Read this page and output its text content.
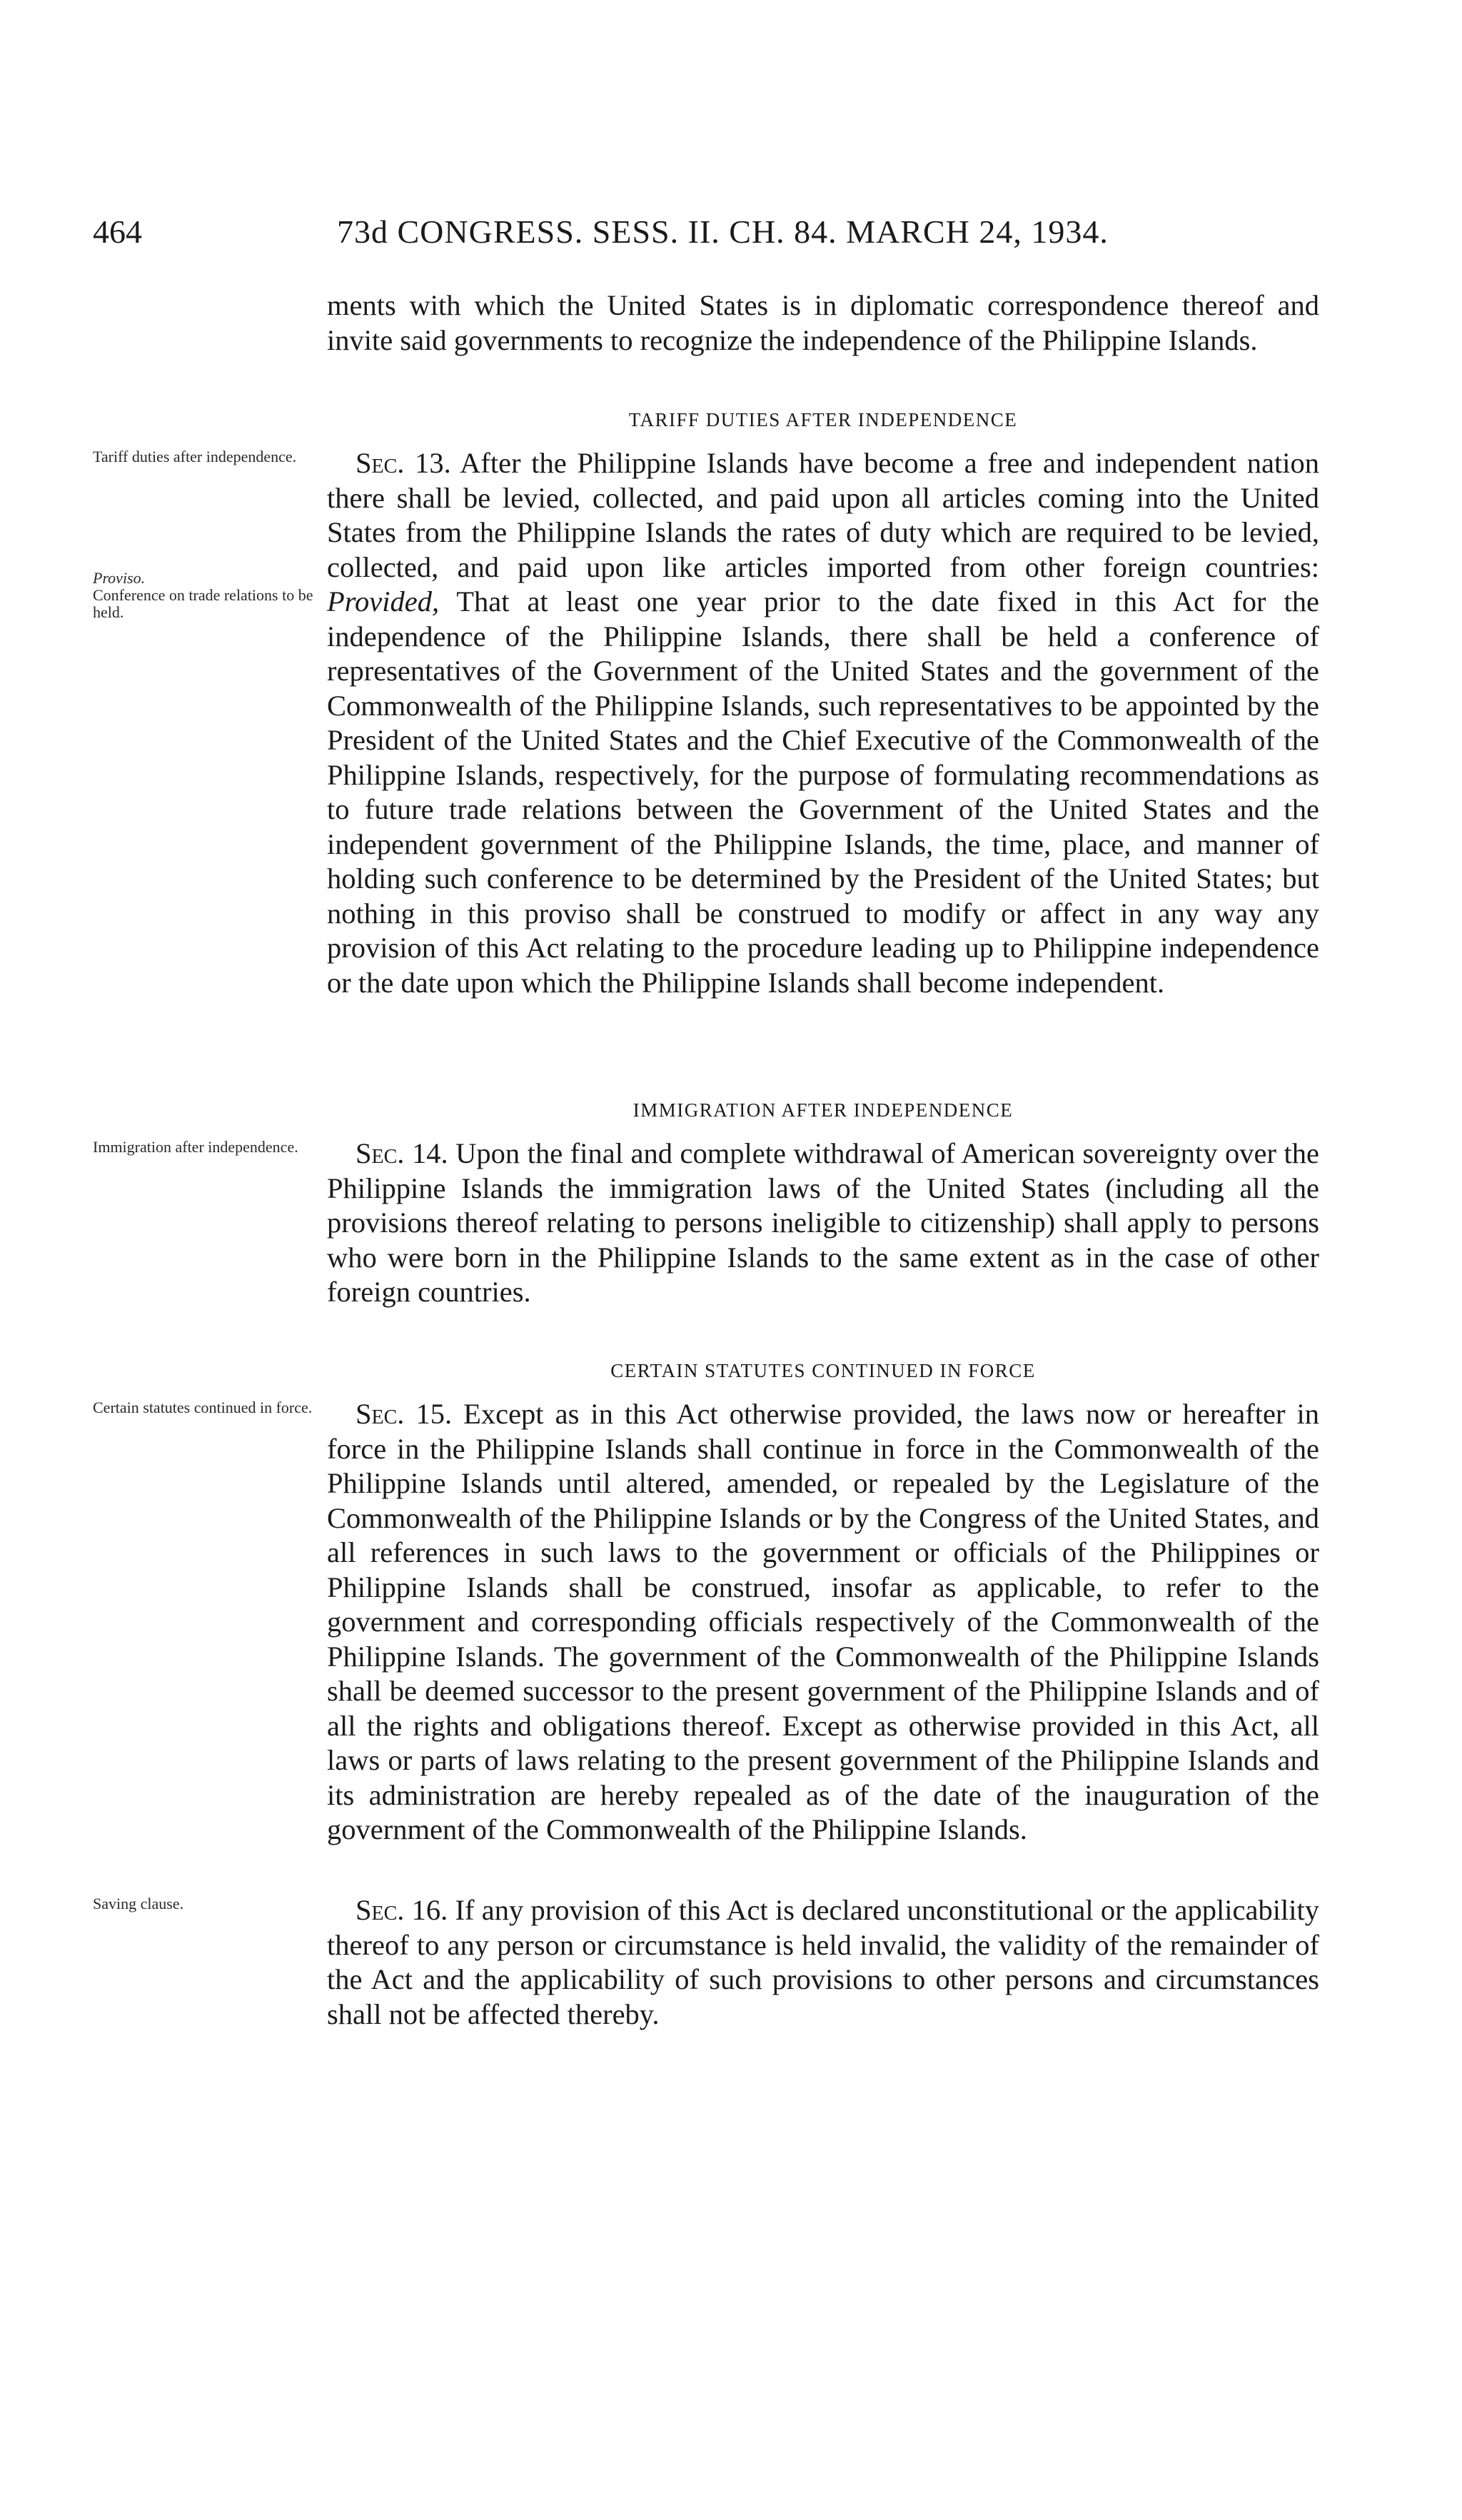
464	73d CONGRESS. SESS. II. CH. 84. MARCH 24, 1934.

ments with which the United States is in diplomatic correspondence thereof and invite said governments to recognize the independence of the Philippine Islands.

TARIFF DUTIES AFTER INDEPENDENCE

Sec. 13. After the Philippine Islands have become a free and independent nation there shall be levied, collected, and paid upon all articles coming into the United States from the Philippine Islands the rates of duty which are required to be levied, collected, and paid upon like articles imported from other foreign countries: Provided, That at least one year prior to the date fixed in this Act for the independence of the Philippine Islands, there shall be held a conference of representatives of the Government of the United States and the government of the Commonwealth of the Philippine Islands, such representatives to be appointed by the President of the United States and the Chief Executive of the Commonwealth of the Philippine Islands, respectively, for the purpose of formulating recommendations as to future trade relations between the Government of the United States and the independent government of the Philippine Islands, the time, place, and manner of holding such conference to be determined by the President of the United States; but nothing in this proviso shall be construed to modify or affect in any way any provision of this Act relating to the procedure leading up to Philippine independence or the date upon which the Philippine Islands shall become independent.

IMMIGRATION AFTER INDEPENDENCE

Sec. 14. Upon the final and complete withdrawal of American sovereignty over the Philippine Islands the immigration laws of the United States (including all the provisions thereof relating to persons ineligible to citizenship) shall apply to persons who were born in the Philippine Islands to the same extent as in the case of other foreign countries.

CERTAIN STATUTES CONTINUED IN FORCE

Sec. 15. Except as in this Act otherwise provided, the laws now or hereafter in force in the Philippine Islands shall continue in force in the Commonwealth of the Philippine Islands until altered, amended, or repealed by the Legislature of the Commonwealth of the Philippine Islands or by the Congress of the United States, and all references in such laws to the government or officials of the Philippines or Philippine Islands shall be construed, insofar as applicable, to refer to the government and corresponding officials respectively of the Commonwealth of the Philippine Islands. The government of the Commonwealth of the Philippine Islands shall be deemed successor to the present government of the Philippine Islands and of all the rights and obligations thereof. Except as otherwise provided in this Act, all laws or parts of laws relating to the present government of the Philippine Islands and its administration are hereby repealed as of the date of the inauguration of the government of the Commonwealth of the Philippine Islands.

Sec. 16. If any provision of this Act is declared unconstitutional or the applicability thereof to any person or circumstance is held invalid, the validity of the remainder of the Act and the applicability of such provisions to other persons and circumstances shall not be affected thereby.

Tariff duties after independence.
Proviso.
Conference on trade relations to be held.
Immigration after independence.
Certain statutes continued in force.
Saving clause.
